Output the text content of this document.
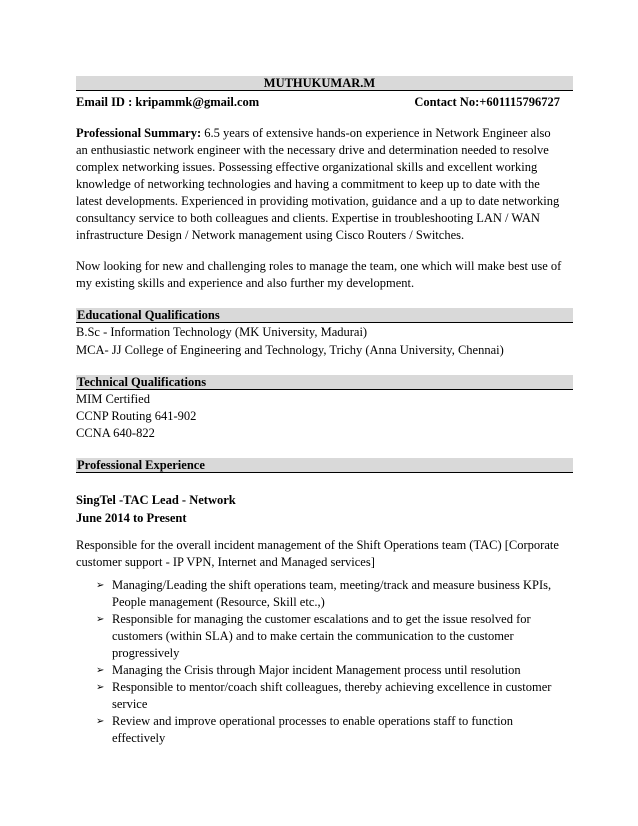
MUTHUKUMAR.M
Email ID : kripammk@gmail.com	Contact No:+601115796727
Professional Summary: 6.5 years of extensive hands-on experience in Network Engineer also
an enthusiastic network engineer with the necessary drive and determination needed to resolve
complex networking issues. Possessing effective organizational skills and excellent working
knowledge of networking technologies and having a commitment to keep up to date with the
latest developments. Experienced in providing motivation, guidance and a up to date networking
consultancy service to both colleagues and clients. Expertise in troubleshooting LAN / WAN
infrastructure Design / Network management using Cisco Routers / Switches.
Now looking for new and challenging roles to manage the team, one which will make best use of
my existing skills and experience and also further my development.
Educational Qualifications
B.Sc - Information Technology (MK University, Madurai)
MCA- JJ College of Engineering and Technology, Trichy (Anna University, Chennai)
Technical Qualifications
MIM Certified
CCNP Routing 641-902
CCNA 640-822
Professional Experience
SingTel -TAC Lead - Network
June 2014 to Present
Responsible for the overall incident management of the Shift Operations team (TAC) [Corporate
customer support - IP VPN, Internet and Managed services]
➢ Managing/Leading the shift operations team, meeting/track and measure business KPIs,
People management (Resource, Skill etc.,)
➢ Responsible for managing the customer escalations and to get the issue resolved for
customers (within SLA) and to make certain the communication to the customer
progressively
➢ Managing the Crisis through Major incident Management process until resolution
➢ Responsible to mentor/coach shift colleagues, thereby achieving excellence in customer
service
➢ Review and improve operational processes to enable operations staff to function
effectively
